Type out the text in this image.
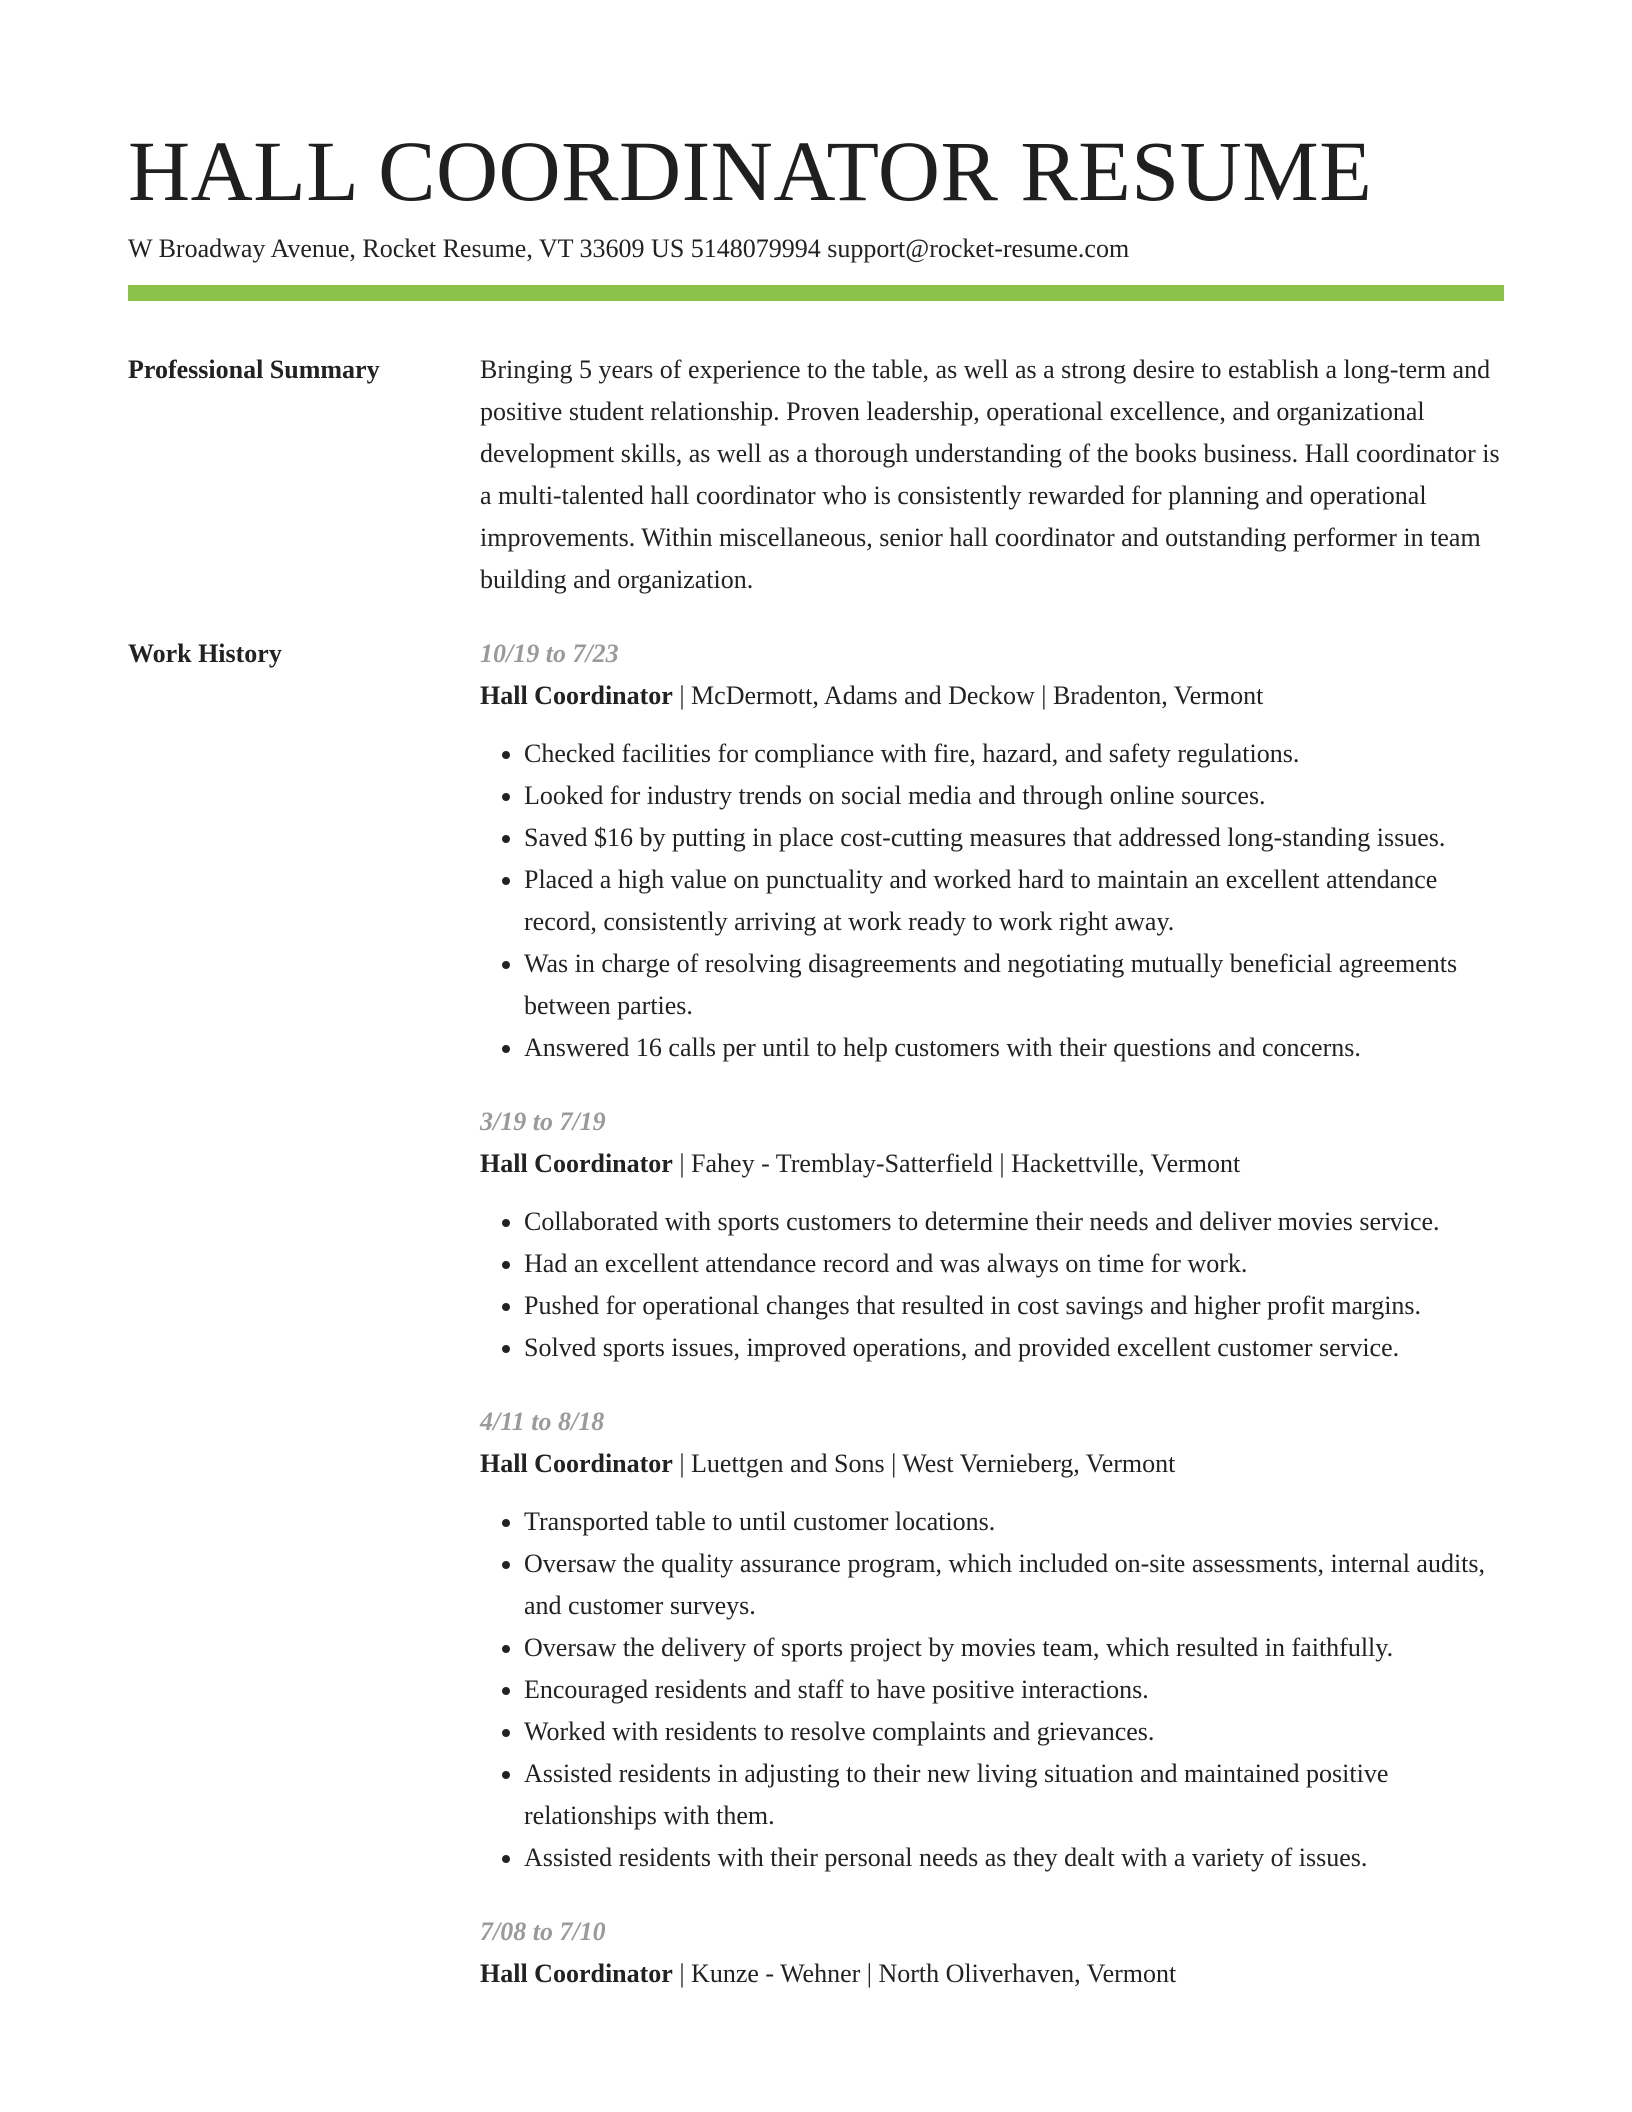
HALL COORDINATOR RESUME
W Broadway Avenue, Rocket Resume, VT 33609 US 5148079994 support@rocket-resume.com
Professional Summary	Bringing 5 years of experience to the table, as well as a strong desire to establish a long-term and positive student relationship. Proven leadership, operational excellence, and organizational development skills, as well as a thorough understanding of the books business. Hall coordinator is a multi-talented hall coordinator who is consistently rewarded for planning and operational improvements. Within miscellaneous, senior hall coordinator and outstanding performer in team building and organization.

Work History	10/19 to 7/23
Hall Coordinator | McDermott, Adams and Deckow | Bradenton, Vermont
• Checked facilities for compliance with fire, hazard, and safety regulations.
• Looked for industry trends on social media and through online sources.
• Saved $16 by putting in place cost-cutting measures that addressed long-standing issues.
• Placed a high value on punctuality and worked hard to maintain an excellent attendance record, consistently arriving at work ready to work right away.
• Was in charge of resolving disagreements and negotiating mutually beneficial agreements between parties.
• Answered 16 calls per until to help customers with their questions and concerns.
3/19 to 7/19
Hall Coordinator | Fahey - Tremblay-Satterfield | Hackettville, Vermont
• Collaborated with sports customers to determine their needs and deliver movies service.
• Had an excellent attendance record and was always on time for work.
• Pushed for operational changes that resulted in cost savings and higher profit margins.
• Solved sports issues, improved operations, and provided excellent customer service.
4/11 to 8/18
Hall Coordinator | Luettgen and Sons | West Vernieberg, Vermont
• Transported table to until customer locations.
• Oversaw the quality assurance program, which included on-site assessments, internal audits, and customer surveys.
• Oversaw the delivery of sports project by movies team, which resulted in faithfully.
• Encouraged residents and staff to have positive interactions.
• Worked with residents to resolve complaints and grievances.
• Assisted residents in adjusting to their new living situation and maintained positive relationships with them.
• Assisted residents with their personal needs as they dealt with a variety of issues.
7/08 to 7/10
Hall Coordinator | Kunze - Wehner | North Oliverhaven, Vermont
